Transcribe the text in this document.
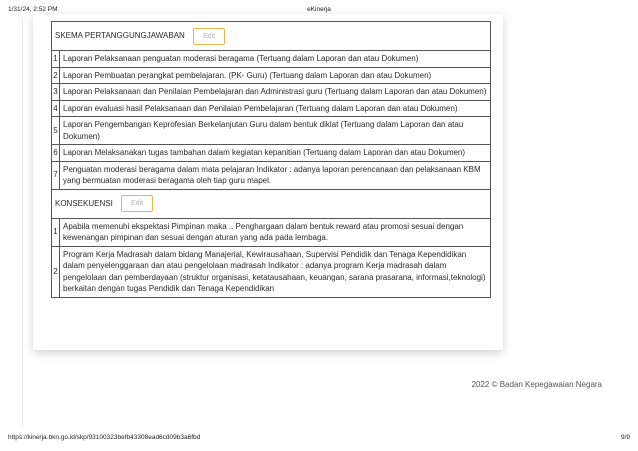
1/31/24, 2:52 PM	eKinerja
SKEMA PERTANGGUNGJAWABAN Edit	
1	Laporan Pelaksanaan penguatan moderasi beragama (Tertuang dalam Laporan dan atau Dokumen)
2	Laporan Pembuatan perangkat pembelajaran. (PK- Guru) (Tertuang dalam Laporan dan atau Dokumen)
3	Laporan Pelaksanaan dan Penilaian Pembelajaran dan Administrasi guru (Tertuang dalam Laporan dan atau Dokumen)
4	Laporan evaluasi hasil Pelaksanaan dan Penilaian Pembelajaran (Tertuang dalam Laporan dan atau Dokumen)
5	Laporan Pengembangan Keprofesian Berkelanjutan Guru dalam bentuk diklat (Tertuang dalam Laporan dan atau Dokumen)
6	Laporan Melaksanakan tugas tambahan dalam kegiatan kepanitian (Tertuang dalam Laporan dan atau Dokumen)
7	Penguatan moderasi beragama dalam mata pelajaran Indikator : adanya laporan perencanaan dan pelaksanaan KBM yang bermuatan moderasi beragama oleh tiap guru mapel.
KONSEKUENSI Edit	
1	Apabila memenuhi ekspektasi Pimpinan maka .. Penghargaan dalam bentuk reward atau promosi sesuai dengan kewenangan pimpinan dan sesuai dengan aturan yang ada pada lembaga.
2	Program Kerja Madrasah dalam bidang Manajerial, Kewirausahaan, Supervisi Pendidik dan Tenaga Kependidikan dalam penyelenggaraan dan atau pengelolaan madrasah Indikator : adanya program Kerja madrasah dalam pengelolaan dan pemberdayaan (struktur organisasi, ketatausahaan, keuangan, sarana prasarana, informasi,teknologi) berkaitan dengan tugas Pendidik dan Tenaga Kependidikan
2022 © Badan Kepegawaian Negara
https://kinerja.bkn.go.id/skp/93100323befb43308ead6cd09b3a6fbd	9/9
